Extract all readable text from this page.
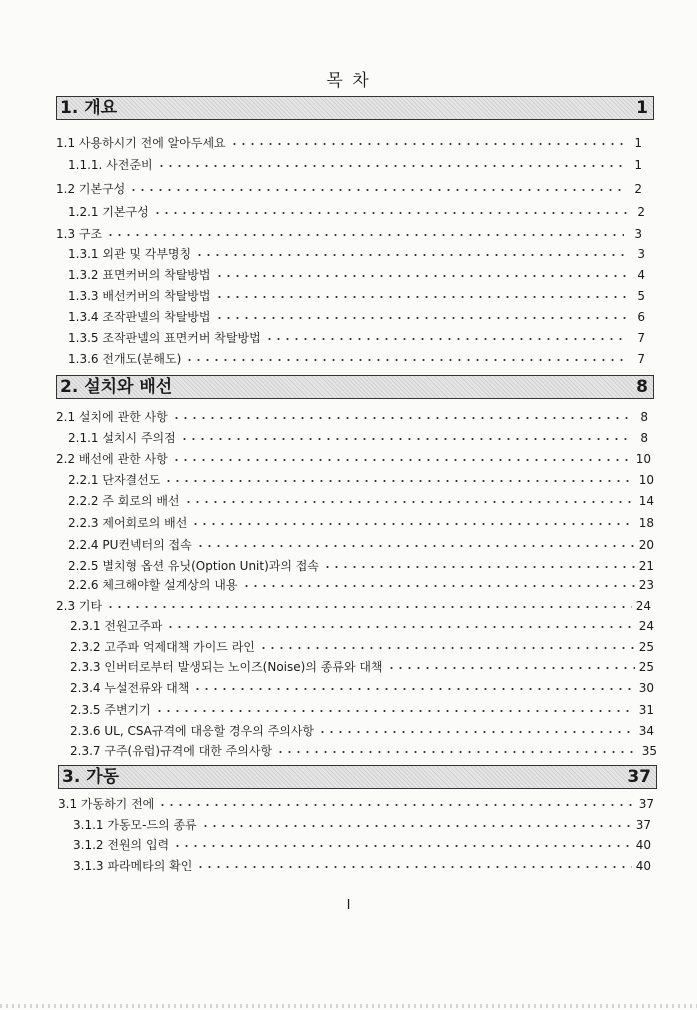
목 차
1. 개요	1
1.1 사용하시기 전에 알아두세요	1
1.1.1. 사전준비	1
1.2 기본구성	2
1.2.1 기본구성	2
1.3 구조	3
1.3.1 외관 및 각부명칭	3
1.3.2 표면커버의 착탈방법	4
1.3.3 배선커버의 착탈방법	5
1.3.4 조작판넬의 착탈방법	6
1.3.5 조작판넬의 표면커버 착탈방법	7
1.3.6 전개도(분해도)	7
2. 설치와 배선	8
2.1 설치에 관한 사항	8
2.1.1 설치시 주의점	8
2.2 배선에 관한 사항	10
2.2.1 단자결선도	10
2.2.2 주 회로의 배선	14
2.2.3 제어회로의 배선	18
2.2.4 PU컨넥터의 접속	20
2.2.5 별치형 옵션 유닛(Option Unit)과의 접속	21
2.2.6 체크해야할 설계상의 내용	23
2.3 기타	24
2.3.1 전원고주파	24
2.3.2 고주파 억제대책 가이드 라인	25
2.3.3 인버터로부터 발생되는 노이즈(Noise)의 종류와 대책	25
2.3.4 누설전류와 대책	30
2.3.5 주변기기	31
2.3.6 UL, CSA규격에 대응할 경우의 주의사항	34
2.3.7 구주(유럽)규격에 대한 주의사항	35
3. 가동	37
3.1 가동하기 전에	37
3.1.1 가동모-드의 종류	37
3.1.2 전원의 입력	40
3.1.3 파라메타의 확인	40
I
